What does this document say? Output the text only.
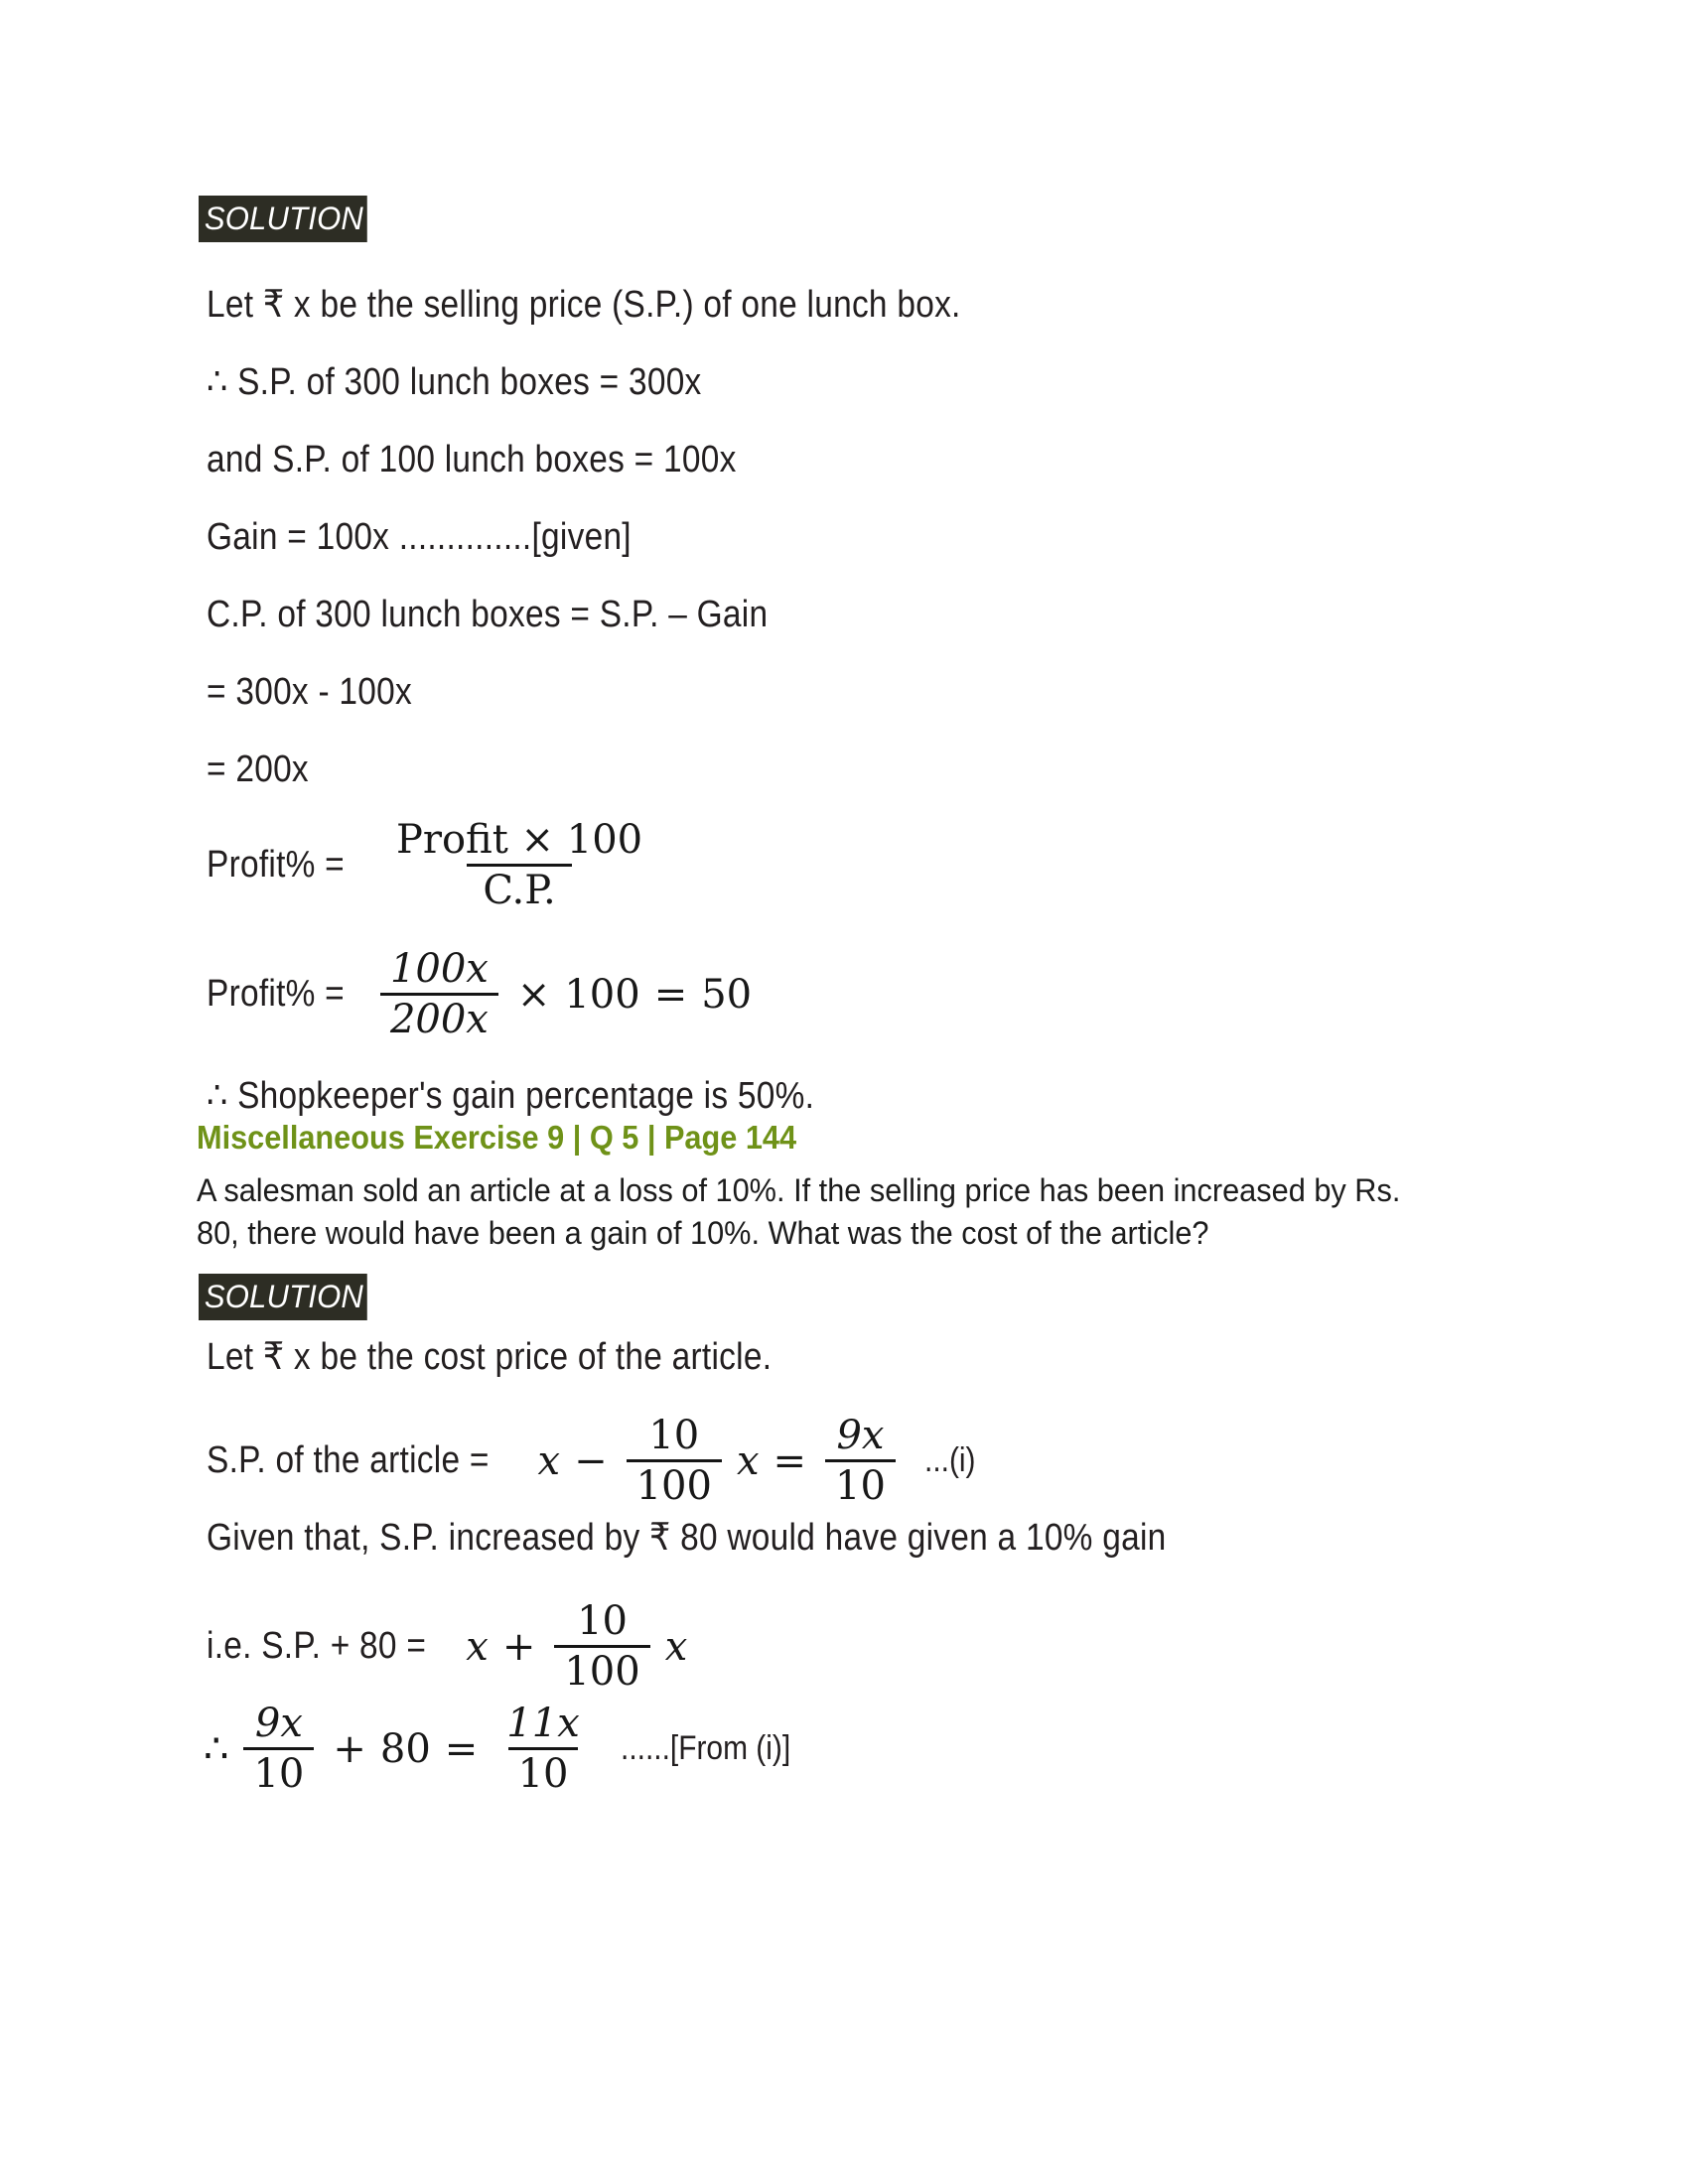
SOLUTION
Let ₹ x be the selling price (S.P.) of one lunch box.
∴ S.P. of 300 lunch boxes = 300x
and S.P. of 100 lunch boxes = 100x
Gain = 100x ..............[given]
C.P. of 300 lunch boxes = S.P. – Gain
= 300x - 100x
= 200x
Profit% = $\frac{\text{Profit × 100}}{C.P.}$
Profit% = $\frac{100x}{200x} \times 100 = 50$
∴ Shopkeeper's gain percentage is 50%.
Miscellaneous Exercise 9 | Q 5 | Page 144
A salesman sold an article at a loss of 10%. If the selling price has been increased by Rs. 80, there would have been a gain of 10%. What was the cost of the article?
SOLUTION
Let ₹ x be the cost price of the article.
S.P. of the article = $x - \frac{10}{100}$ $x = \frac{9x}{10} ...(i)$
Given that, S.P. increased by ₹ 80 would have given a 10% gain
i.e. S.P. + $80 = x + \frac{10}{100}$ x
∴ $\frac{9x}{10} + 80 = \frac{11x}{10}$ ......[From (i)]
